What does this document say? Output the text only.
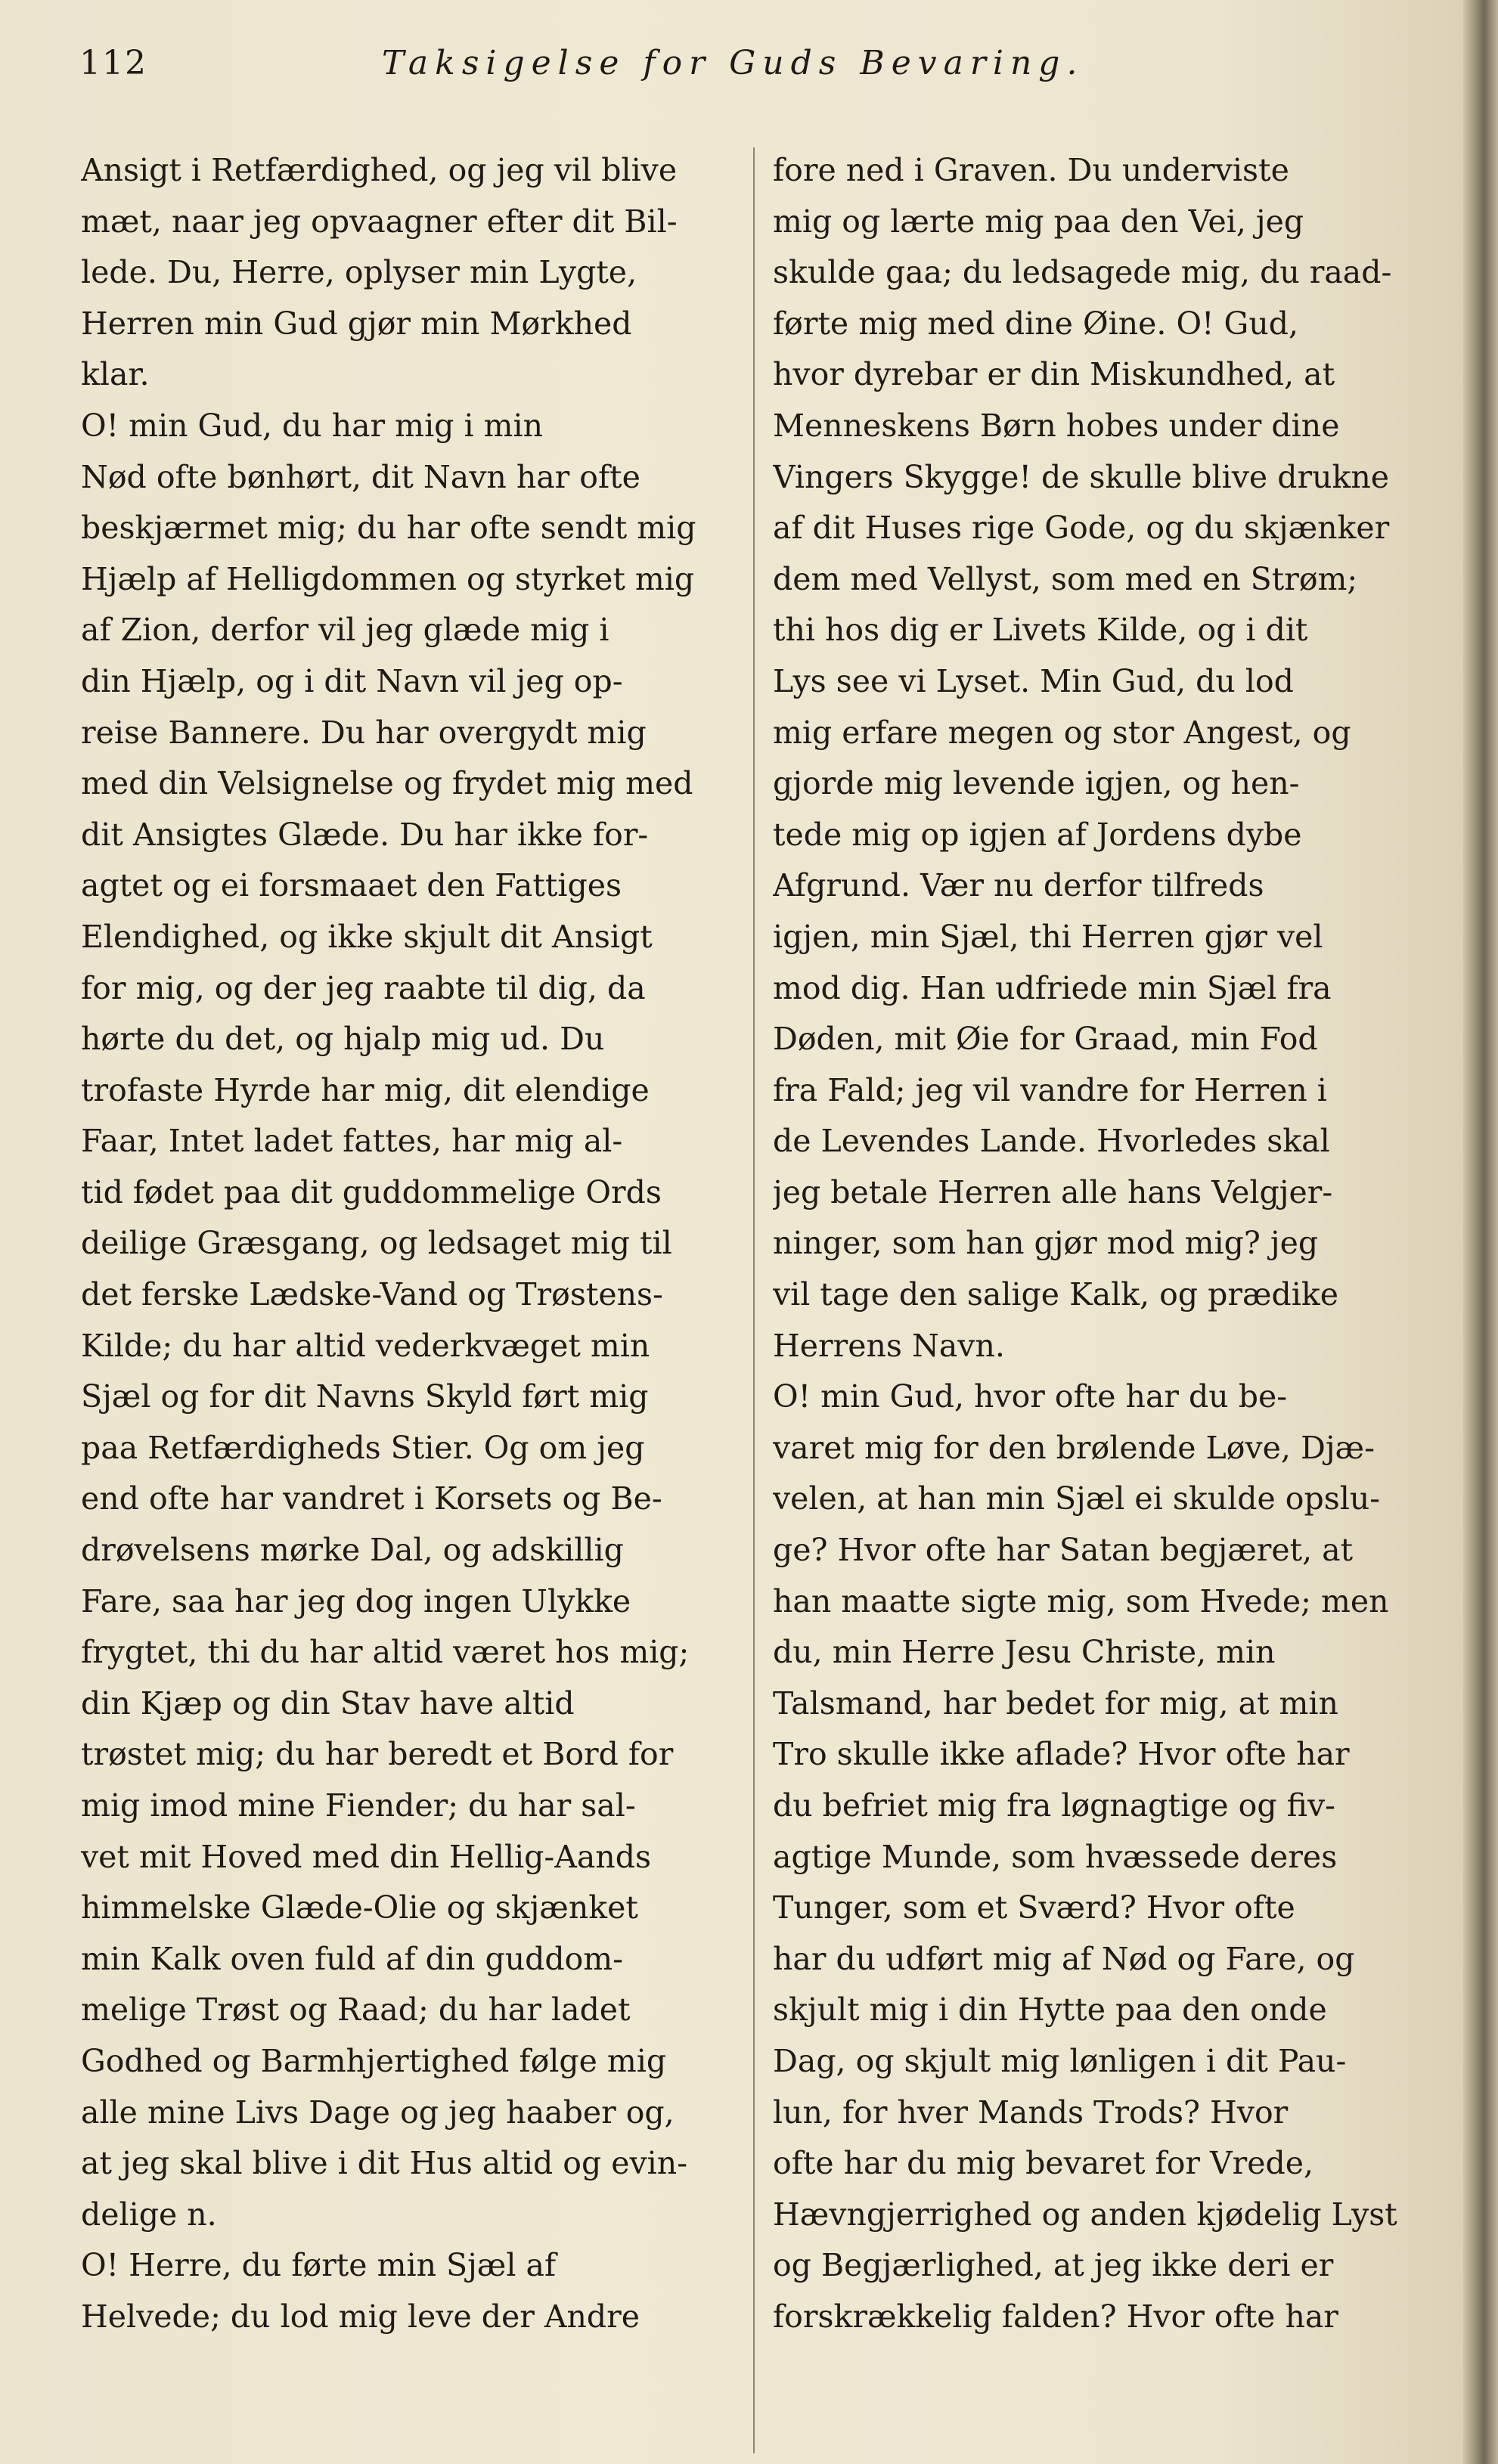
112	Taksigelse for Guds Bevaring.
Ansigt i Retfærdighed, og jeg vil blive
mæt, naar jeg opvaagner efter dit Bil-
lede. Du, Herre, oplyser min Lygte,
Herren min Gud gjør min Mørkhed
klar.
O! min Gud, du har mig i min
Nød ofte bønhørt, dit Navn har ofte
beskjærmet mig; du har ofte sendt mig
Hjælp af Helligdommen og styrket mig
af Zion, derfor vil jeg glæde mig i
din Hjælp, og i dit Navn vil jeg op-
reise Bannere. Du har overgydt mig
med din Velsignelse og frydet mig med
dit Ansigtes Glæde. Du har ikke for-
agtet og ei forsmaaet den Fattiges
Elendighed, og ikke skjult dit Ansigt
for mig, og der jeg raabte til dig, da
hørte du det, og hjalp mig ud. Du
trofaste Hyrde har mig, dit elendige
Faar, Intet ladet fattes, har mig al-
tid fødet paa dit guddommelige Ords
deilige Græsgang, og ledsaget mig til
det ferske Lædske-Vand og Trøstens-
Kilde; du har altid vederkvæget min
Sjæl og for dit Navns Skyld ført mig
paa Retfærdigheds Stier. Og om jeg
end ofte har vandret i Korsets og Be-
drøvelsens mørke Dal, og adskillig
Fare, saa har jeg dog ingen Ulykke
frygtet, thi du har altid været hos mig;
din Kjæp og din Stav have altid
trøstet mig; du har beredt et Bord for
mig imod mine Fiender; du har sal-
vet mit Hoved med din Hellig-Aands
himmelske Glæde-Olie og skjænket
min Kalk oven fuld af din guddom-
melige Trøst og Raad; du har ladet
Godhed og Barmhjertighed følge mig
alle mine Livs Dage og jeg haaber og,
at jeg skal blive i dit Hus altid og evin-
delige n.
O! Herre, du førte min Sjæl af
Helvede; du lod mig leve der Andre
fore ned i Graven. Du underviste
mig og lærte mig paa den Vei, jeg
skulde gaa; du ledsagede mig, du raad-
førte mig med dine Øine. O! Gud,
hvor dyrebar er din Miskundhed, at
Menneskens Børn hobes under dine
Vingers Skygge! de skulle blive drukne
af dit Huses rige Gode, og du skjænker
dem med Vellyst, som med en Strøm;
thi hos dig er Livets Kilde, og i dit
Lys see vi Lyset. Min Gud, du lod
mig erfare megen og stor Angest, og
gjorde mig levende igjen, og hen-
tede mig op igjen af Jordens dybe
Afgrund. Vær nu derfor tilfreds
igjen, min Sjæl, thi Herren gjør vel
mod dig. Han udfriede min Sjæl fra
Døden, mit Øie for Graad, min Fod
fra Fald; jeg vil vandre for Herren i
de Levendes Lande. Hvorledes skal
jeg betale Herren alle hans Velgjer-
ninger, som han gjør mod mig? jeg
vil tage den salige Kalk, og prædike
Herrens Navn.
O! min Gud, hvor ofte har du be-
varet mig for den brølende Løve, Djæ-
velen, at han min Sjæl ei skulde opslu-
ge? Hvor ofte har Satan begjæret, at
han maatte sigte mig, som Hvede; men
du, min Herre Jesu Christe, min
Talsmand, har bedet for mig, at min
Tro skulle ikke aflade? Hvor ofte har
du befriet mig fra løgnagtige og fiv-
agtige Munde, som hvæssede deres
Tunger, som et Sværd? Hvor ofte
har du udført mig af Nød og Fare, og
skjult mig i din Hytte paa den onde
Dag, og skjult mig lønligen i dit Pau-
lun, for hver Mands Trods? Hvor
ofte har du mig bevaret for Vrede,
Hævngjerrighed og anden kjødelig Lyst
og Begjærlighed, at jeg ikke deri er
forskrækkelig falden? Hvor ofte har
